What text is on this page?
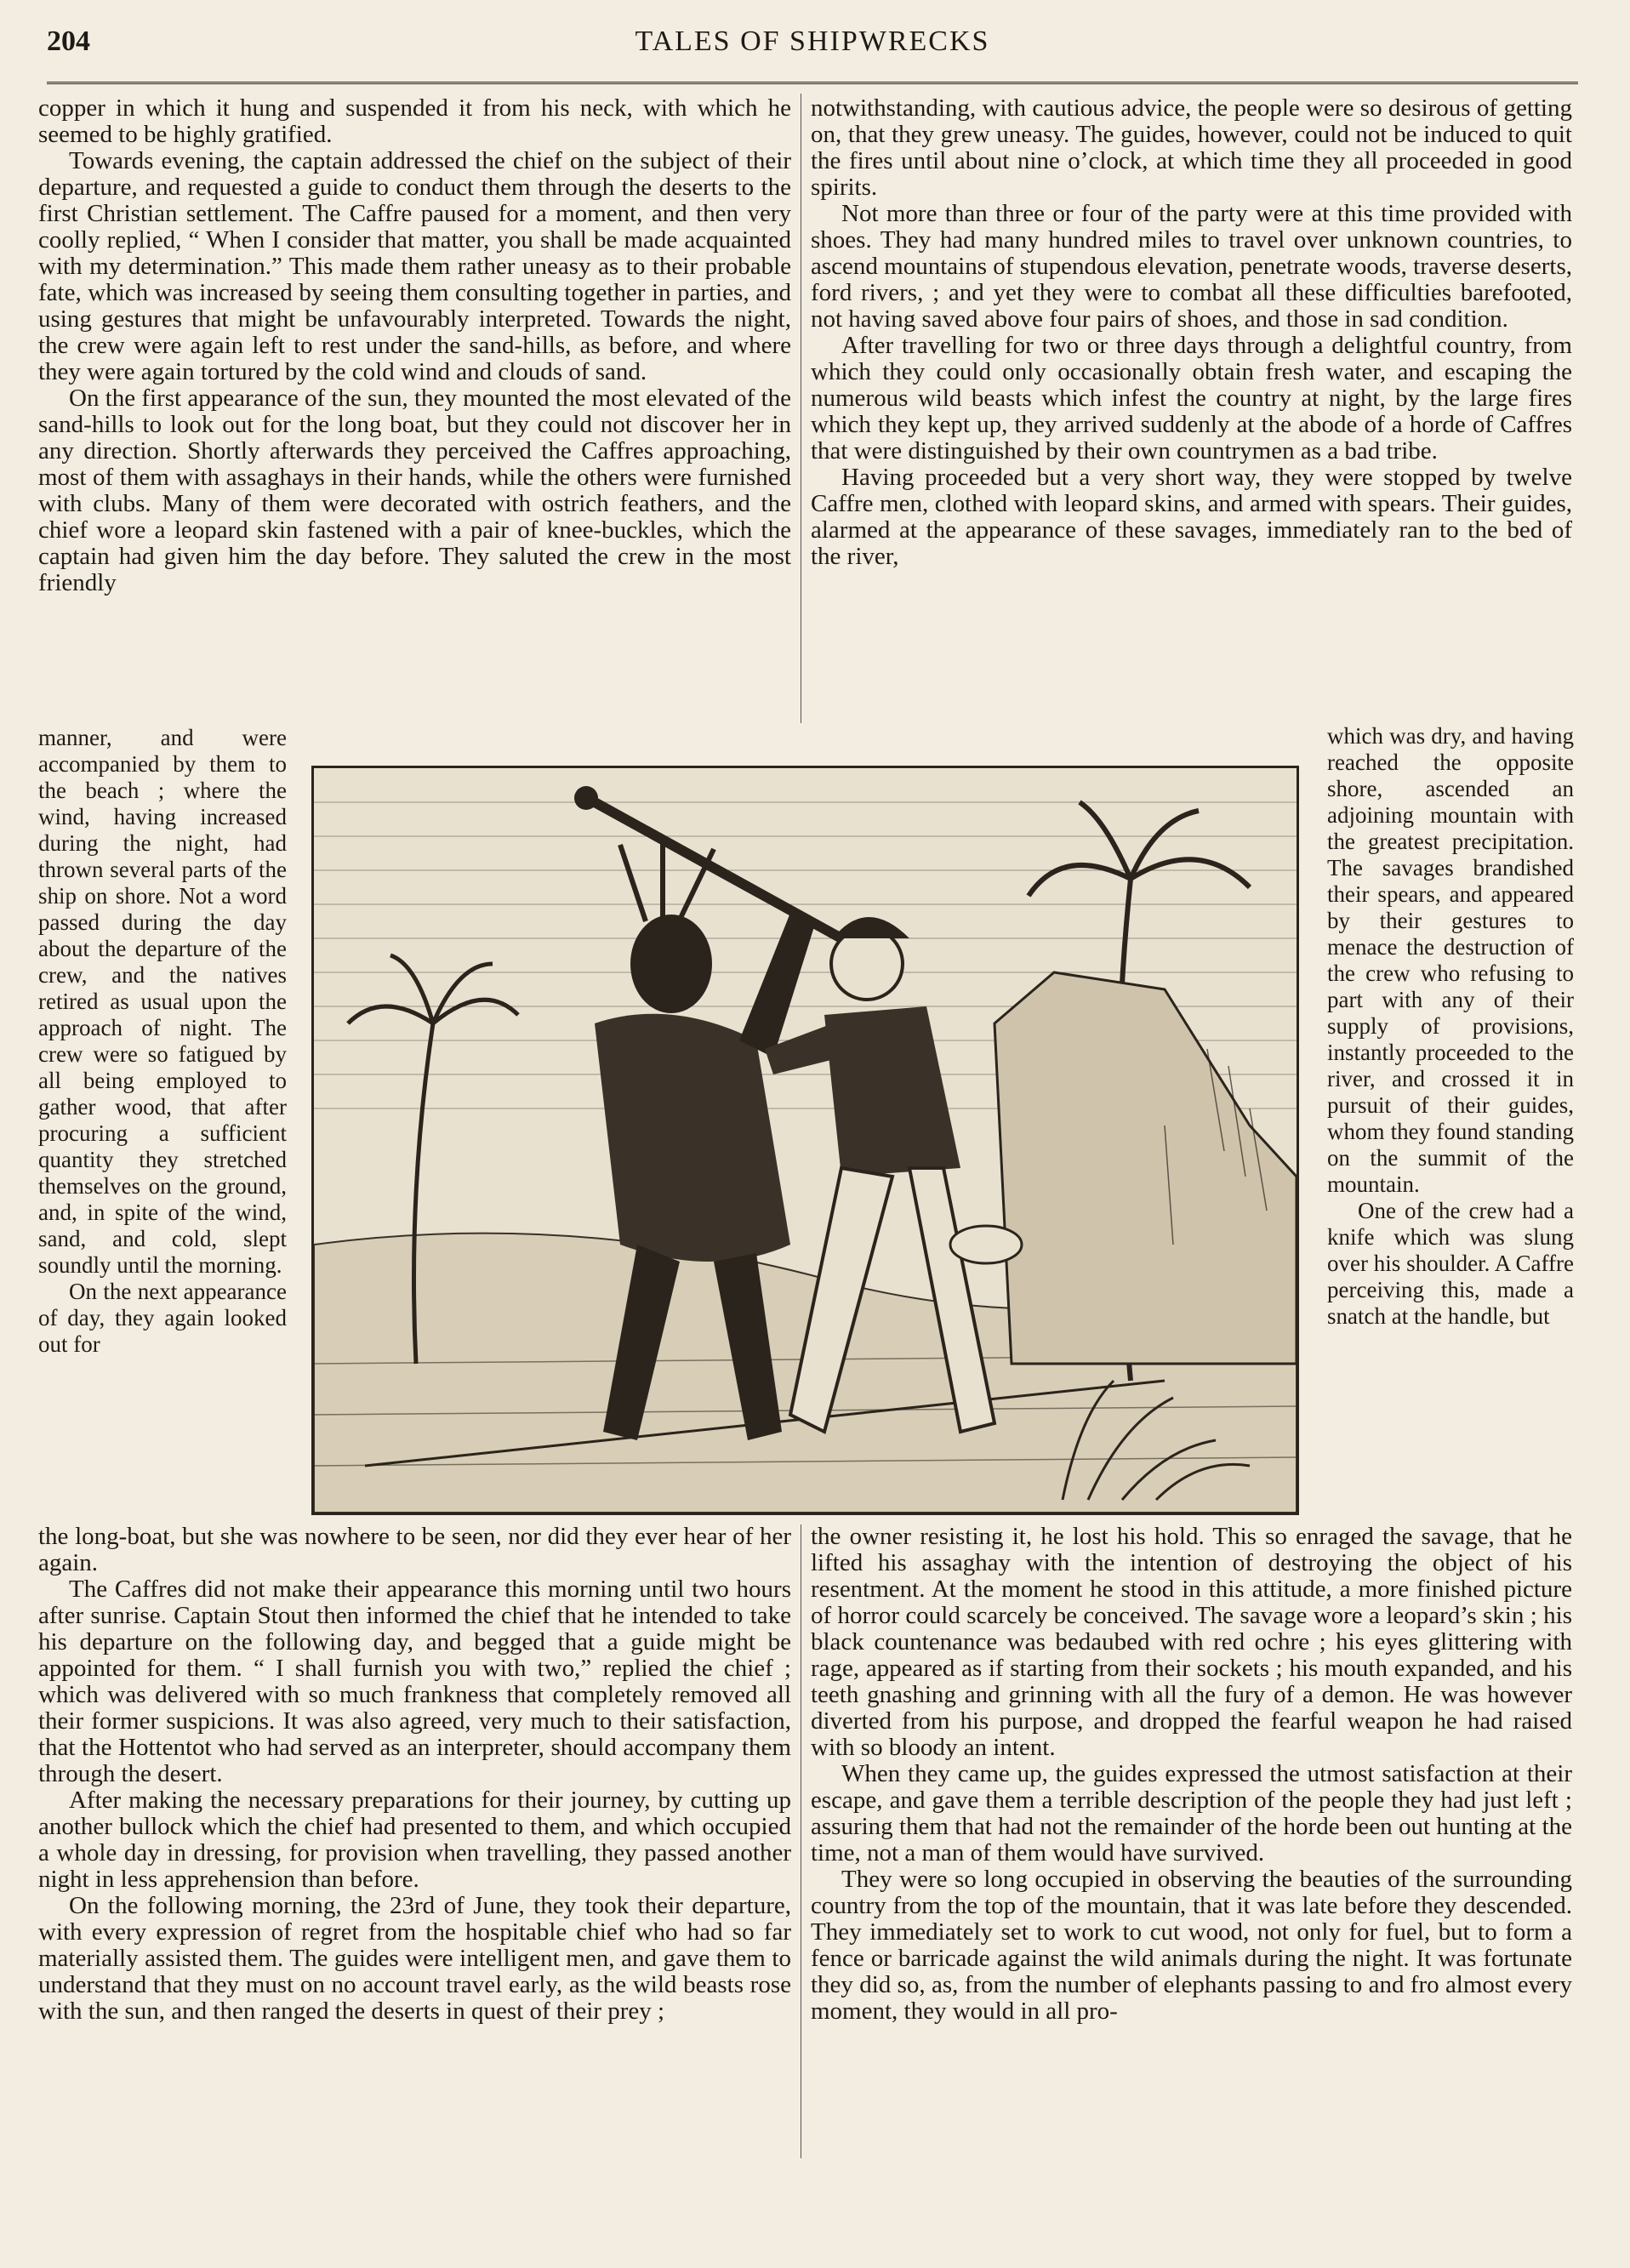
204	TALES OF SHIPWRECKS

copper in which it hung and suspended it from his neck, with which he seemed to be highly gratified.

Towards evening, the captain addressed the chief on the subject of their departure, and requested a guide to conduct them through the deserts to the first Christian settlement. The Caffre paused for a moment, and then very coolly replied, “ When I consider that matter, you shall be made acquainted with my determination.” This made them rather uneasy as to their probable fate, which was increased by seeing them consulting together in parties, and using gestures that might be unfavourably interpreted. Towards the night, the crew were again left to rest under the sand-hills, as before, and where they were again tortured by the cold wind and clouds of sand.

On the first appearance of the sun, they mounted the most elevated of the sand-hills to look out for the long boat, but they could not discover her in any direction. Shortly afterwards they perceived the Caffres approaching, most of them with assaghays in their hands, while the others were furnished with clubs. Many of them were decorated with ostrich feathers, and the chief wore a leopard skin fastened with a pair of knee-buckles, which the captain had given him the day before. They saluted the crew in the most friendly

notwithstanding, with cautious advice, the people were so desirous of getting on, that they grew uneasy. The guides, however, could not be induced to quit the fires until about nine o’clock, at which time they all proceeded in good spirits.

Not more than three or four of the party were at this time provided with shoes. They had many hundred miles to travel over unknown countries, to ascend mountains of stupendous elevation, penetrate woods, traverse deserts, ford rivers, ; and yet they were to combat all these difficulties barefooted, not having saved above four pairs of shoes, and those in sad condition.

After travelling for two or three days through a delightful country, from which they could only occasionally obtain fresh water, and escaping the numerous wild beasts which infest the country at night, by the large fires which they kept up, they arrived suddenly at the abode of a horde of Caffres that were distinguished by their own countrymen as a bad tribe.

Having proceeded but a very short way, they were stopped by twelve Caffre men, clothed with leopard skins, and armed with spears. Their guides, alarmed at the appearance of these savages, immediately ran to the bed of the river,

manner, and were accompanied by them to the beach ; where the wind, having increased during the night, had thrown several parts of the ship on shore. Not a word passed during the day about the departure of the crew, and the natives retired as usual upon the approach of night. The crew were so fatigued by all being employed to gather wood, that after procuring a sufficient quantity they stretched themselves on the ground, and, in spite of the wind, sand, and cold, slept soundly until the morning.

On the next appearance of day, they again looked out for

which was dry, and having reached the opposite shore, ascended an adjoining mountain with the greatest precipitation. The savages brandished their spears, and appeared by their gestures to menace the destruction of the crew who refusing to part with any of their supply of provisions, instantly proceeded to the river, and crossed it in pursuit of their guides, whom they found standing on the summit of the mountain.

One of the crew had a knife which was slung over his shoulder. A Caffre perceiving this, made a snatch at the handle, but

the long-boat, but she was nowhere to be seen, nor did they ever hear of her again.

The Caffres did not make their appearance this morning until two hours after sunrise. Captain Stout then informed the chief that he intended to take his departure on the following day, and begged that a guide might be appointed for them. “ I shall furnish you with two,” replied the chief ; which was delivered with so much frankness that completely removed all their former suspicions. It was also agreed, very much to their satisfaction, that the Hottentot who had served as an interpreter, should accompany them through the desert.

After making the necessary preparations for their journey, by cutting up another bullock which the chief had presented to them, and which occupied a whole day in dressing, for provision when travelling, they passed another night in less apprehension than before.

On the following morning, the 23rd of June, they took their departure, with every expression of regret from the hospitable chief who had so far materially assisted them. The guides were intelligent men, and gave them to understand that they must on no account travel early, as the wild beasts rose with the sun, and then ranged the deserts in quest of their prey ;

the owner resisting it, he lost his hold. This so enraged the savage, that he lifted his assaghay with the intention of destroying the object of his resentment. At the moment he stood in this attitude, a more finished picture of horror could scarcely be conceived. The savage wore a leopard’s skin ; his black countenance was bedaubed with red ochre ; his eyes glittering with rage, appeared as if starting from their sockets ; his mouth expanded, and his teeth gnashing and grinning with all the fury of a demon. He was however diverted from his purpose, and dropped the fearful weapon he had raised with so bloody an intent.

When they came up, the guides expressed the utmost satisfaction at their escape, and gave them a terrible description of the people they had just left ; assuring them that had not the remainder of the horde been out hunting at the time, not a man of them would have survived.

They were so long occupied in observing the beauties of the surrounding country from the top of the mountain, that it was late before they descended. They immediately set to work to cut wood, not only for fuel, but to form a fence or barricade against the wild animals during the night. It was fortunate they did so, as, from the number of elephants passing to and fro almost every moment, they would in all pro-
